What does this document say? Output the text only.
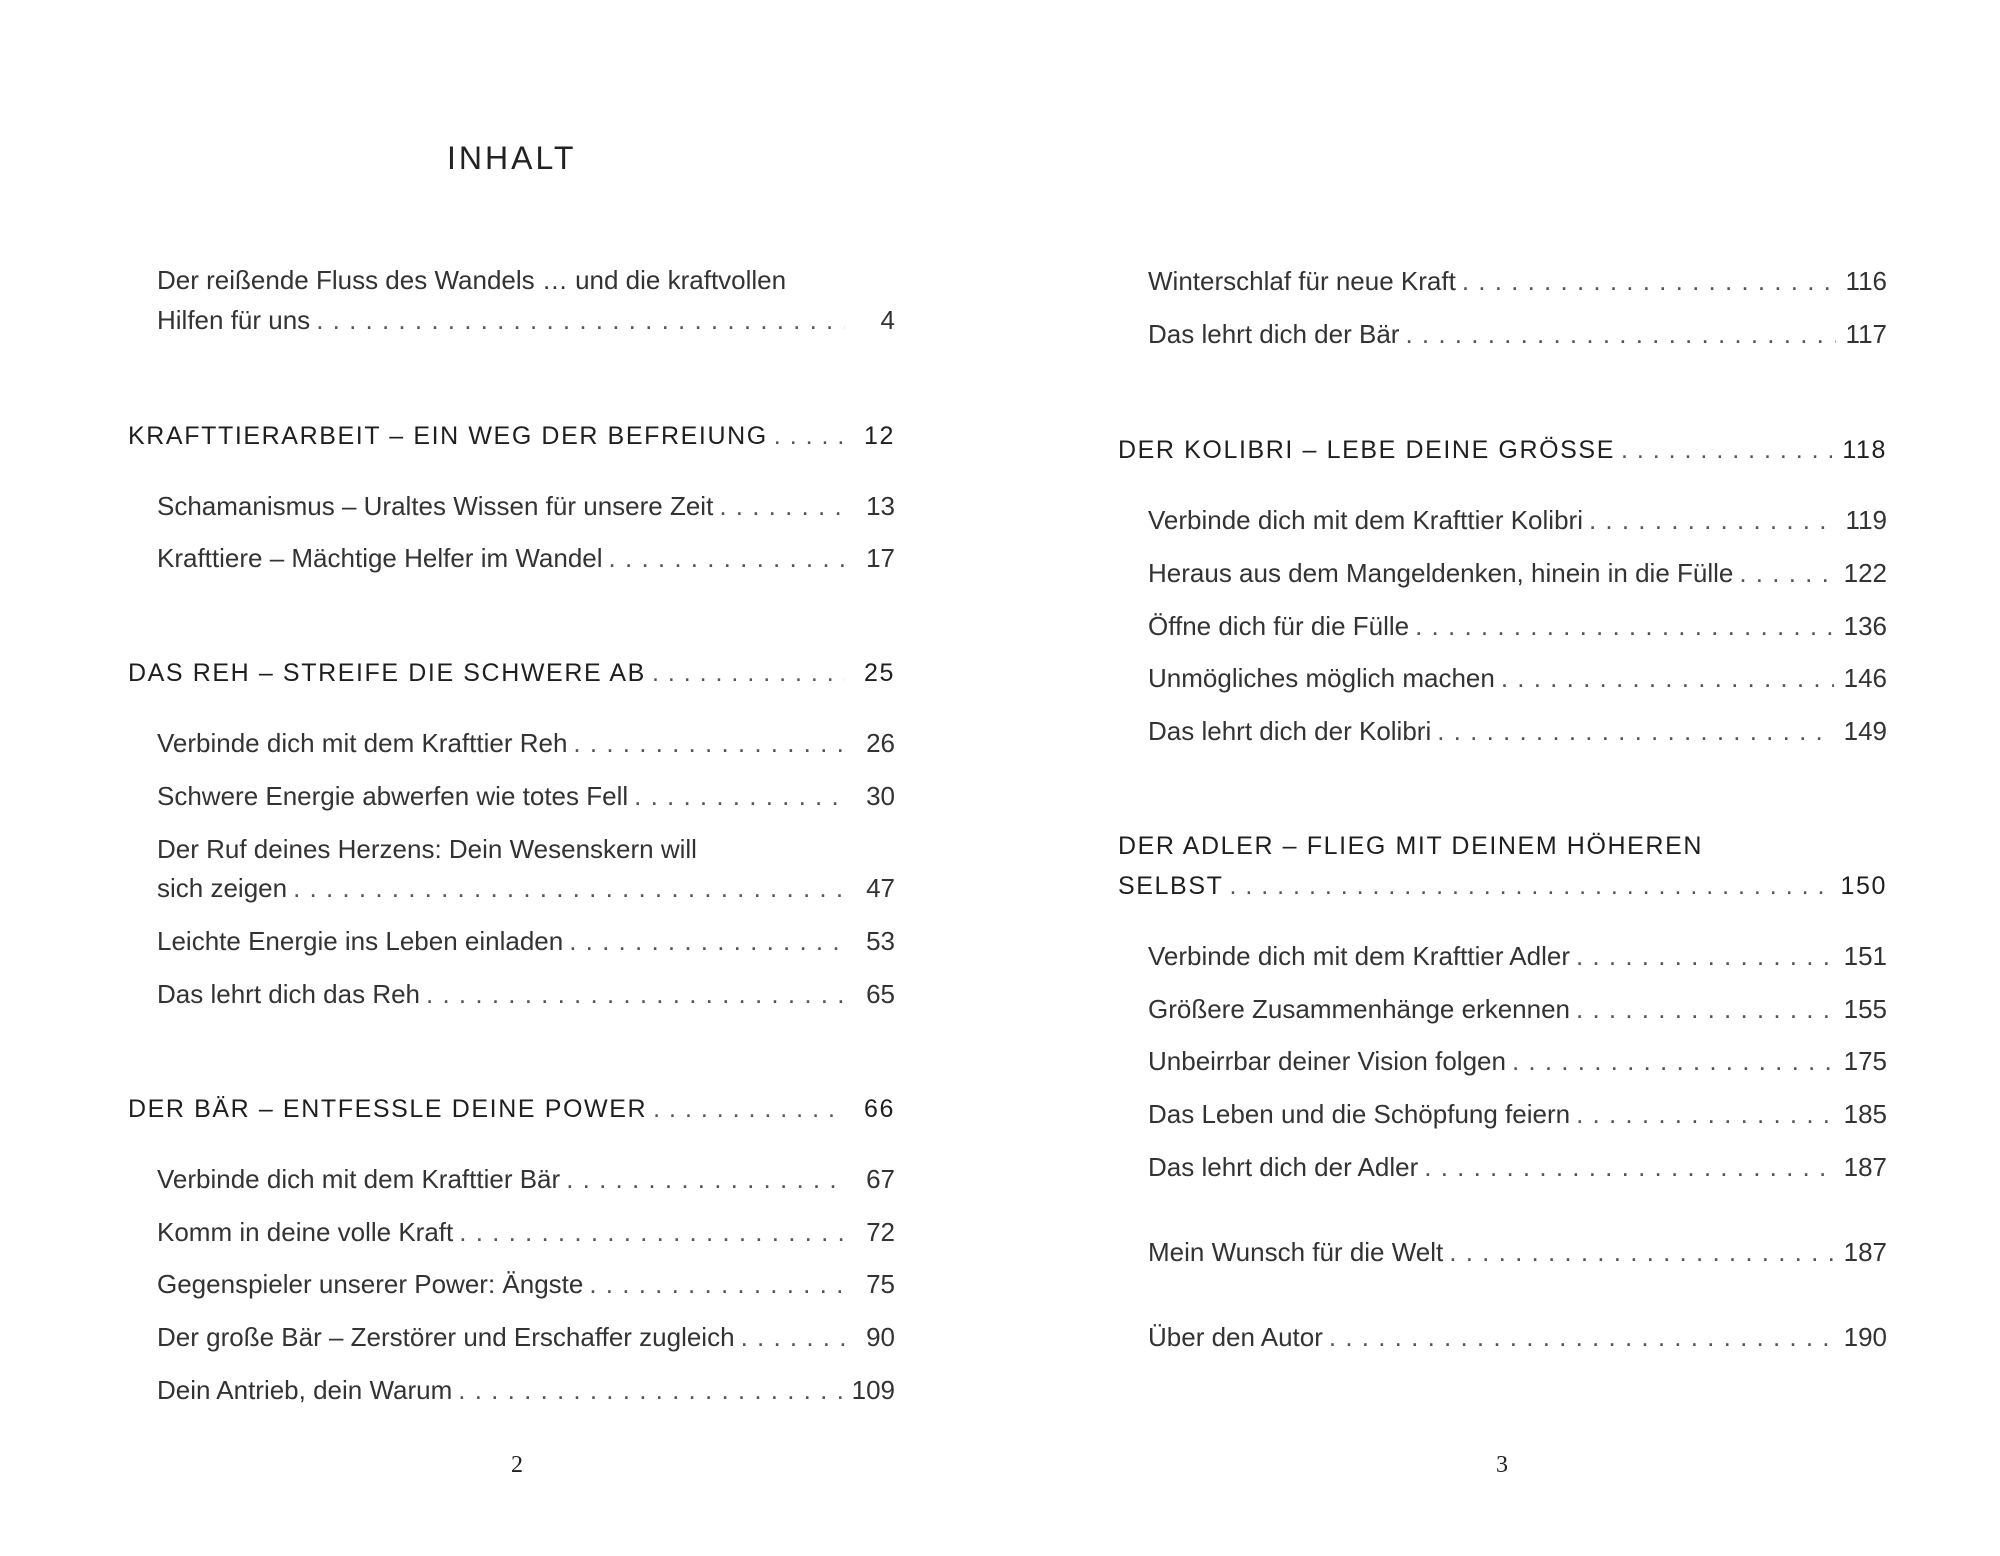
INHALT
Der reißende Fluss des Wandels … und die kraftvollen
Hilfen für uns . . .	4
KRAFTTIERARBEIT – EIN WEG DER BEFREIUNG . . .	12
Schamanismus – Uraltes Wissen für unsere Zeit . . .	13
Krafttiere – Mächtige Helfer im Wandel . . .	17
DAS REH – STREIFE DIE SCHWERE AB . . .	25
Verbinde dich mit dem Krafttier Reh . . .	26
Schwere Energie abwerfen wie totes Fell . . .	30
Der Ruf deines Herzens: Dein Wesenskern will
sich zeigen . . .	47
Leichte Energie ins Leben einladen . . .	53
Das lehrt dich das Reh . . .	65
DER BÄR – ENTFESSLE DEINE POWER . . .	66
Verbinde dich mit dem Krafttier Bär . . .	67
Komm in deine volle Kraft . . .	72
Gegenspieler unserer Power: Ängste . . .	75
Der große Bär – Zerstörer und Erschaffer zugleich . . .	90
Dein Antrieb, dein Warum . . .	109
2
Winterschlaf für neue Kraft . . .	116
Das lehrt dich der Bär . . .	117
DER KOLIBRI – LEBE DEINE GRÖSSE . . .	118
Verbinde dich mit dem Krafttier Kolibri . . .	119
Heraus aus dem Mangeldenken, hinein in die Fülle . . .	122
Öffne dich für die Fülle . . .	136
Unmögliches möglich machen . . .	146
Das lehrt dich der Kolibri . . .	149
DER ADLER – FLIEG MIT DEINEM HÖHEREN
SELBST . . .	150
Verbinde dich mit dem Krafttier Adler . . .	151
Größere Zusammenhänge erkennen . . .	155
Unbeirrbar deiner Vision folgen . . .	175
Das Leben und die Schöpfung feiern . . .	185
Das lehrt dich der Adler . . .	187
Mein Wunsch für die Welt . . .	187
Über den Autor . . .	190
3
